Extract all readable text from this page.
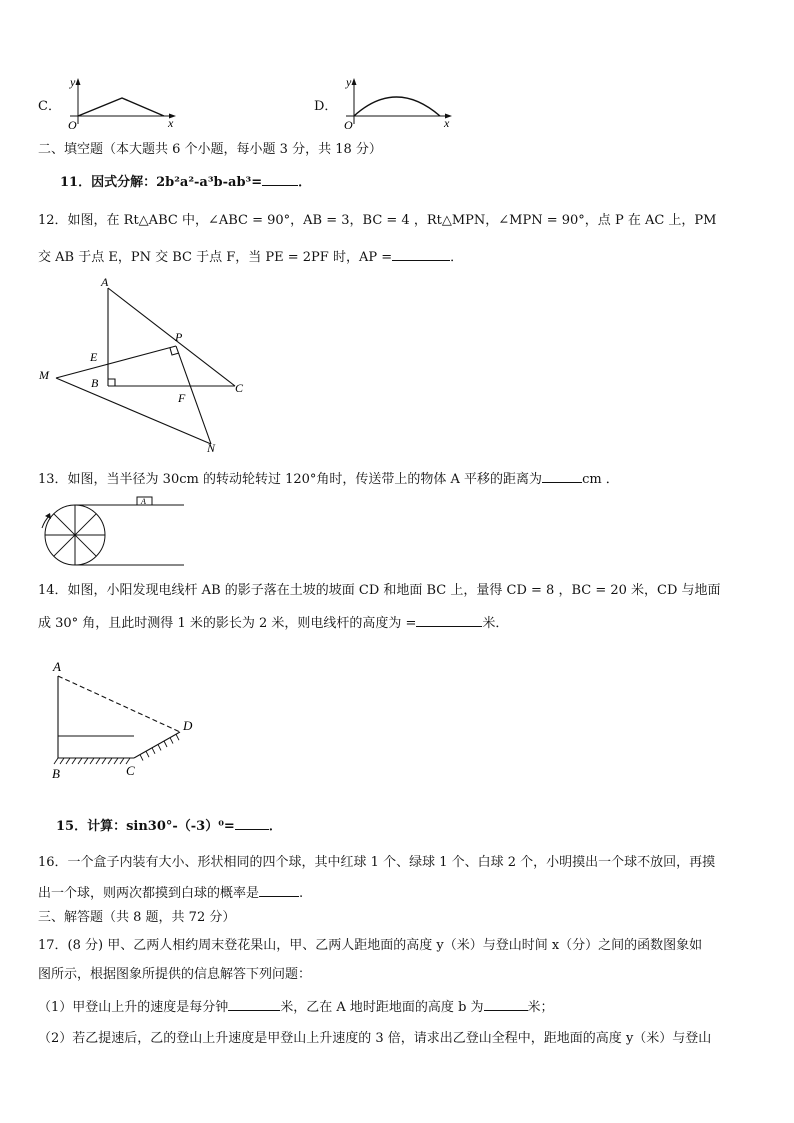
C．
y
O	x
D．
y
O	x
二、填空题（本大题共 6 个小题，每小题 3 分，共 18 分）
11．因式分解：2b²a²-a³b-ab³=	．
12．如图，在 Rt△ABC 中，∠ABC = 90°，AB = 3，BC = 4 ，Rt△MPN，∠MPN = 90°，点 P 在 AC 上，PM
交 AB 于点 E，PN 交 BC 于点 F，当 PE = 2PF 时，AP =	．
A
P
E
M
B	C
F
N
13．如图，当半径为 30cm 的转动轮转过 120°角时，传送带上的物体 A 平移的距离为	cm ．
A
14．如图，小阳发现电线杆 AB 的影子落在土坡的坡面 CD 和地面 BC 上，量得 CD = 8 ，BC = 20 米，CD 与地面
成 30° 角，且此时测得 1 米的影长为 2 米，则电线杆的高度为 =	米．
A
D
B	C
15．计算：sin30°-（-3）⁰=	．
16．一个盒子内装有大小、形状相同的四个球，其中红球 1 个、绿球 1 个、白球 2 个，小明摸出一个球不放回，再摸
出一个球，则两次都摸到白球的概率是	.
三、解答题（共 8 题，共 72 分）
17．(8 分) 甲、乙两人相约周末登花果山，甲、乙两人距地面的高度 y（米）与登山时间 x（分）之间的函数图象如
图所示，根据图象所提供的信息解答下列问题：
（1）甲登山上升的速度是每分钟	米，乙在 A 地时距地面的高度 b 为	米；
（2）若乙提速后，乙的登山上升速度是甲登山上升速度的 3 倍，请求出乙登山全程中，距地面的高度 y（米）与登山
